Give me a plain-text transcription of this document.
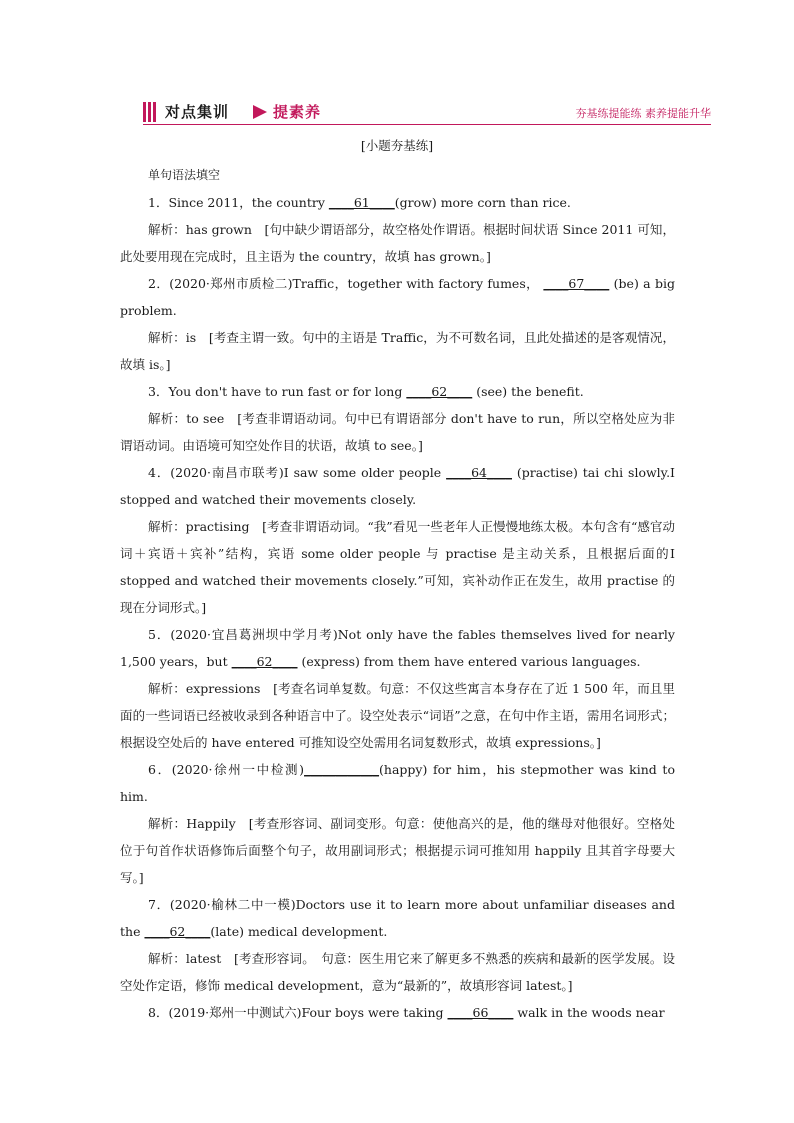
对点集训	提素养	夯基练提能练 素养提能升华
[小题夯基练]

单句语法填空

1．Since 2011，the country ____61____(grow) more corn than rice.

解析：has grown　[句中缺少谓语部分，故空格处作谓语。根据时间状语 Since 2011 可知，此处要用现在完成时，且主语为 the country，故填 has grown。]

2．(2020·郑州市质检二)Traffic，together with factory fumes， ____67____ (be) a big problem.

解析：is　[考查主谓一致。句中的主语是 Traffic，为不可数名词，且此处描述的是客观情况，故填 is。]

3．You don't have to run fast or for long ____62____ (see) the benefit.

解析：to see　[考查非谓语动词。句中已有谓语部分 don't have to run，所以空格处应为非谓语动词。由语境可知空处作目的状语，故填 to see。]

4．(2020·南昌市联考)I saw some older people ____64____ (practise) tai chi slowly.I stopped and watched their movements closely.

解析：practising　[考查非谓语动词。“我”看见一些老年人正慢慢地练太极。本句含有“感官动词＋宾语＋宾补”结构，宾语 some older people 与 practise 是主动关系，且根据后面的I stopped and watched their movements closely.”可知，宾补动作正在发生，故用 practise 的现在分词形式。]

5．(2020·宜昌葛洲坝中学月考)Not only have the fables themselves lived for nearly 1,500 years，but ____62____ (express) from them have entered various languages.

解析：expressions　[考查名词单复数。句意：不仅这些寓言本身存在了近 1 500 年，而且里面的一些词语已经被收录到各种语言中了。设空处表示“词语”之意，在句中作主语，需用名词形式；根据设空处后的 have entered 可推知设空处需用名词复数形式，故填 expressions。]

6．(2020·徐州一中检测)____________(happy) for him，his stepmother was kind to him.

解析：Happily　[考查形容词、副词变形。句意：使他高兴的是，他的继母对他很好。空格处位于句首作状语修饰后面整个句子，故用副词形式；根据提示词可推知用 happily 且其首字母要大写。]

7．(2020·榆林二中一模)Doctors use it to learn more about unfamiliar diseases and the ____62____(late) medical development.

解析：latest　[考查形容词。　句意：医生用它来了解更多不熟悉的疾病和最新的医学发展。设空处作定语，修饰 medical development，意为“最新的”，故填形容词 latest。]

8．(2019·郑州一中测试六)Four boys were taking ____66____ walk in the woods near
